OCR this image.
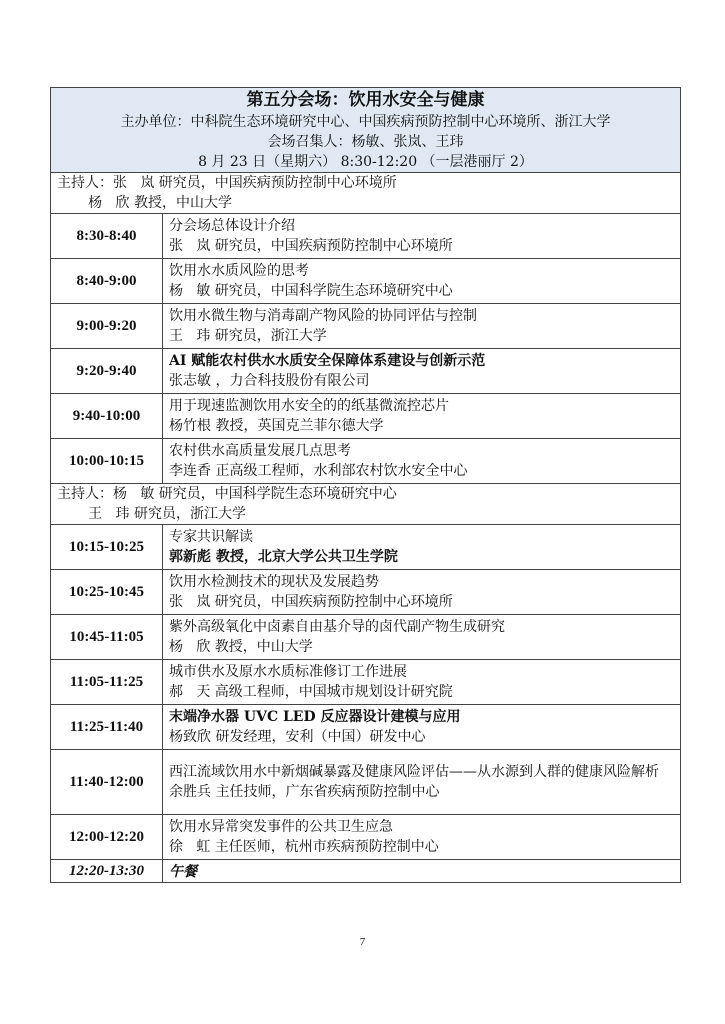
第五分会场：饮用水安全与健康
主办单位：中科院生态环境研究中心、中国疾病预防控制中心环境所、浙江大学
会场召集人：杨敏、张岚、王玮
8 月 23 日（星期六） 8:30-12:20 （一层港丽厅 2）	

主持人：张   岚 研究员，中国疾病预防控制中心环境所
杨   欣 教授，中山大学	

8:30-8:40	分会场总体设计介绍
张   岚 研究员，中国疾病预防控制中心环境所

8:40-9:00	饮用水水质风险的思考
杨   敏 研究员，中国科学院生态环境研究中心

9:00-9:20	饮用水微生物与消毒副产物风险的协同评估与控制
王   玮 研究员，浙江大学

9:20-9:40	AI 赋能农村供水水质安全保障体系建设与创新示范
张志敏 ，力合科技股份有限公司

9:40-10:00	用于现速监测饮用水安全的的纸基微流控芯片
杨竹根 教授，英国克兰菲尔德大学

10:00-10:15	农村供水高质量发展几点思考
李连香 正高级工程师，水利部农村饮水安全中心

主持人：杨   敏 研究员，中国科学院生态环境研究中心
王   玮 研究员，浙江大学	

10:15-10:25	专家共识解读
郭新彪 教授，北京大学公共卫生学院

10:25-10:45	饮用水检测技术的现状及发展趋势
张   岚 研究员，中国疾病预防控制中心环境所

10:45-11:05	紫外高级氧化中卤素自由基介导的卤代副产物生成研究
杨   欣 教授，中山大学

11:05-11:25	城市供水及原水水质标准修订工作进展
郝   天 高级工程师，中国城市规划设计研究院

11:25-11:40	末端净水器 UVC LED 反应器设计建模与应用
杨致欣 研发经理，安利（中国）研发中心

11:40-12:00	西江流域饮用水中新烟碱暴露及健康风险评估——从水源到人群的健康风险解析
余胜兵 主任技师，广东省疾病预防控制中心

12:00-12:20	饮用水异常突发事件的公共卫生应急
徐   虹 主任医师，杭州市疾病预防控制中心

12:20-13:30	午餐
7
